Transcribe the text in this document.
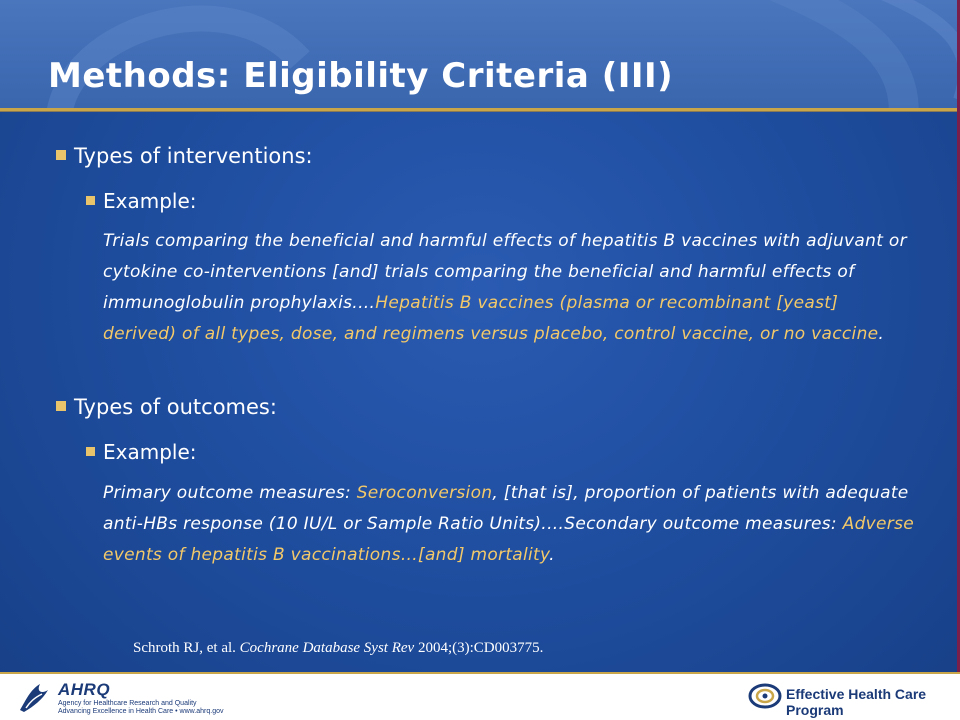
Methods: Eligibility Criteria (III)
Types of interventions:
Example:
Trials comparing the beneficial and harmful effects of hepatitis B vaccines with adjuvant or cytokine co-interventions [and] trials comparing the beneficial and harmful effects of immunoglobulin prophylaxis.…Hepatitis B vaccines (plasma or recombinant [yeast] derived) of all types, dose, and regimens versus placebo, control vaccine, or no vaccine.
Types of outcomes:
Example:
Primary outcome measures: Seroconversion, [that is], proportion of patients with adequate anti-HBs response (10 IU/L or Sample Ratio Units).…Secondary outcome measures: Adverse events of hepatitis B vaccinations…[and] mortality.
Schroth RJ, et al. Cochrane Database Syst Rev 2004;(3):CD003775.
AHRQ
Agency for Healthcare Research and Quality
Advancing Excellence in Health Care • www.ahrq.gov
Effective Health Care Program
